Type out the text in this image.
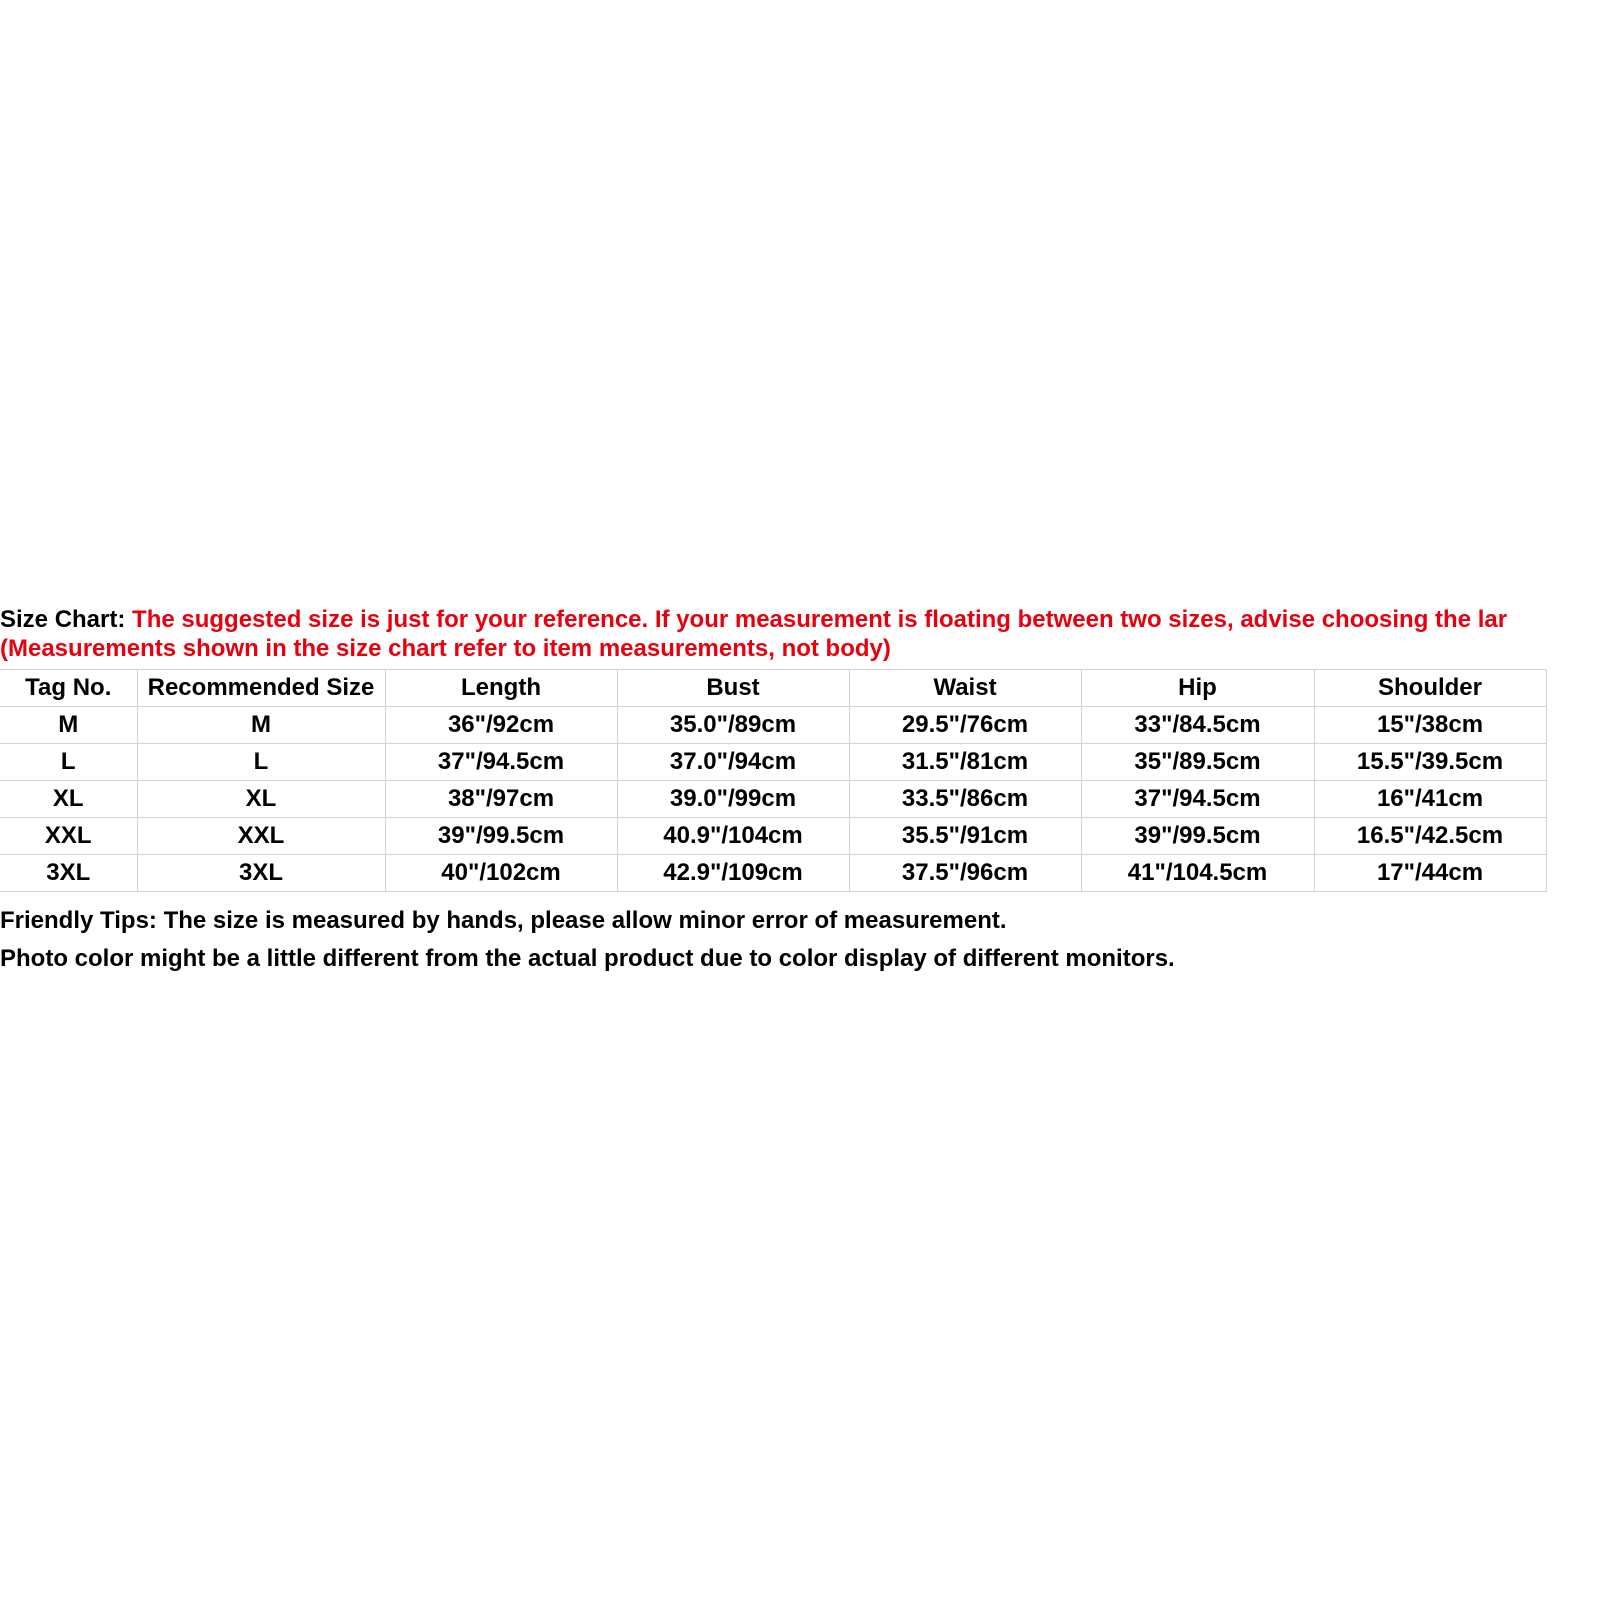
Size Chart: The suggested size is just for your reference. If your measurement is floating between two sizes, advise choosing the lar
(Measurements shown in the size chart refer to item measurements, not body)
Tag No.	Recommended Size	Length	Bust	Waist	Hip	Shoulder
M	M	36"/92cm	35.0"/89cm	29.5"/76cm	33"/84.5cm	15"/38cm
L	L	37"/94.5cm	37.0"/94cm	31.5"/81cm	35"/89.5cm	15.5"/39.5cm
XL	XL	38"/97cm	39.0"/99cm	33.5"/86cm	37"/94.5cm	16"/41cm
XXL	XXL	39"/99.5cm	40.9"/104cm	35.5"/91cm	39"/99.5cm	16.5"/42.5cm
3XL	3XL	40"/102cm	42.9"/109cm	37.5"/96cm	41"/104.5cm	17"/44cm
Friendly Tips: The size is measured by hands, please allow minor error of measurement.
Photo color might be a little different from the actual product due to color display of different monitors.
